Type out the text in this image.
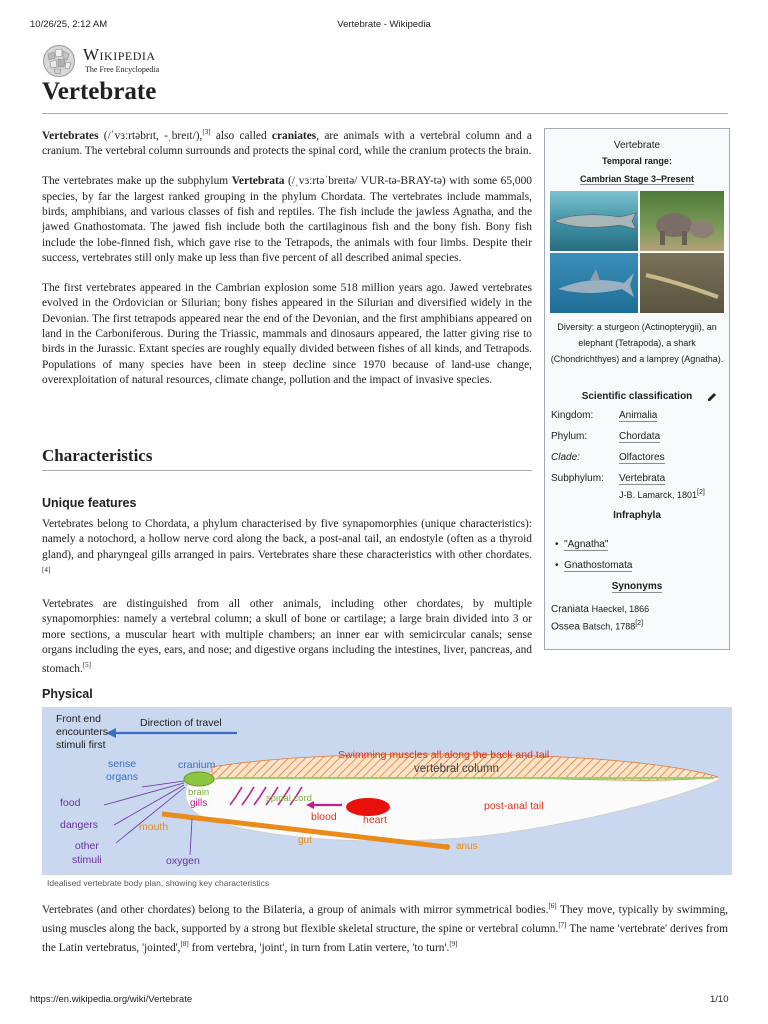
10/26/25, 2:12 AM	Vertebrate - Wikipedia
Wikipedia
The Free Encyclopedia
Vertebrate

Vertebrates (/ˈvɜːrtəbrɪt, -ˌbreɪt/),[3] also called craniates, are animals with a vertebral column and a cranium. The vertebral column surrounds and protects the spinal cord, while the cranium protects the brain.

The vertebrates make up the subphylum Vertebrata (/ˌvɜːrtəˈbreɪtə/ VUR-tə-BRAY-tə) with some 65,000 species, by far the largest ranked grouping in the phylum Chordata. The vertebrates include mammals, birds, amphibians, and various classes of fish and reptiles. The fish include the jawless Agnatha, and the jawed Gnathostomata. The jawed fish include both the cartilaginous fish and the bony fish. Bony fish include the lobe-finned fish, which gave rise to the Tetrapods, the animals with four limbs. Despite their success, vertebrates still only make up less than five percent of all described animal species.

The first vertebrates appeared in the Cambrian explosion some 518 million years ago. Jawed vertebrates evolved in the Ordovician or Silurian; bony fishes appeared in the Silurian and diversified widely in the Devonian. The first tetrapods appeared near the end of the Devonian, and the first amphibians appeared on land in the Carboniferous. During the Triassic, mammals and dinosaurs appeared, the latter giving rise to birds in the Jurassic. Extant species are roughly equally divided between fishes of all kinds, and Tetrapods. Populations of many species have been in steep decline since 1970 because of land-use change, overexploitation of natural resources, climate change, pollution and the impact of invasive species.

Characteristics
Unique features

Vertebrates belong to Chordata, a phylum characterised by five synapomorphies (unique characteristics): namely a notochord, a hollow nerve cord along the back, a post-anal tail, an endostyle (often as a thyroid gland), and pharyngeal gills arranged in pairs. Vertebrates share these characteristics with other chordates.[4]

Vertebrates are distinguished from all other animals, including other chordates, by multiple synapomorphies: namely a vertebral column; a skull of bone or cartilage; a large brain divided into 3 or more sections, a muscular heart with multiple chambers; an inner ear with semicircular canals; sense organs including the eyes, ears, and nose; and digestive organs including the intestines, liver, pancreas, and stomach.[5]

Physical
Front end
encounters
stimuli first
Direction of travel
sense
organs
cranium
brain
gills
Swimming muscles all along the back and tail
spinal cord
vertebral column
post-anal tail
food
dangers
other
stimuli
mouth
blood	heart
gut
anus
oxygen
Idealised vertebrate body plan, showing key characteristics

Vertebrates (and other chordates) belong to the Bilateria, a group of animals with mirror symmetrical bodies.[6] They move, typically by swimming, using muscles along the back, supported by a strong but flexible skeletal structure, the spine or vertebral column.[7] The name 'vertebrate' derives from the Latin vertebratus, 'jointed',[8] from vertebra, 'joint', in turn from Latin vertere, 'to turn'.[9]

Vertebrate
Temporal range:
Cambrian Stage 3–Present
Diversity: a sturgeon (Actinopterygii), an elephant (Tetrapoda), a shark (Chondrichthyes) and a lamprey (Agnatha).
Scientific classification
Kingdom:	Animalia
Phylum:	Chordata
Clade:	Olfactores
Subphylum: Vertebrata
J-B. Lamarck, 1801[2]
Infraphyla
•  "Agnatha"
•  Gnathostomata
Synonyms
Craniata Haeckel, 1866
Ossea Batsch, 1788[2]
https://en.wikipedia.org/wiki/Vertebrate	1/10
